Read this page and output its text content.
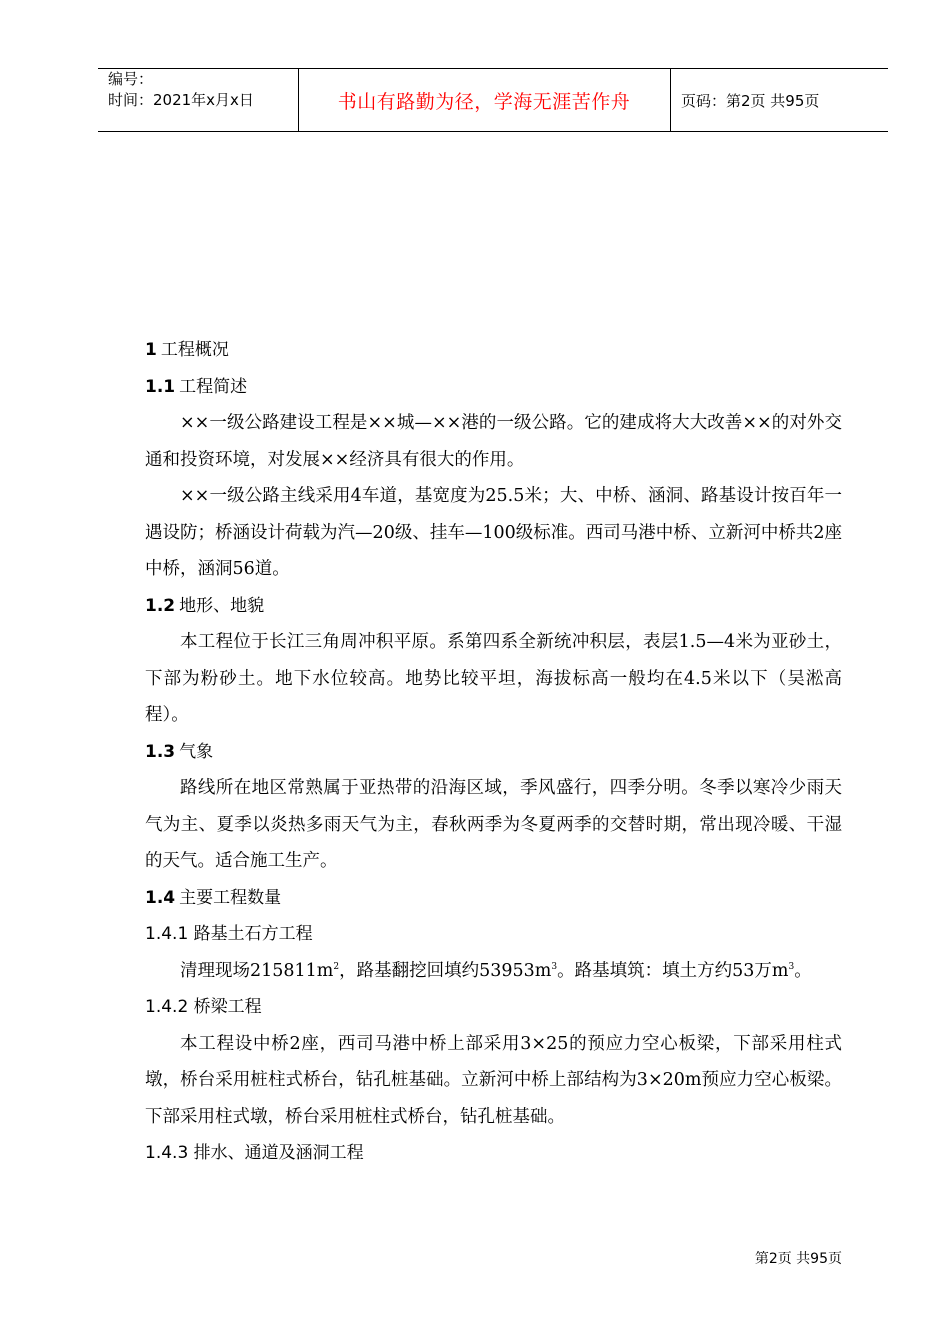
编号：
时间：2021年x月x日	书山有路勤为径，学海无涯苦作舟	页码：第2页 共95页
1 工程概况
1.1 工程简述

××一级公路建设工程是××城—××港的一级公路。它的建成将大大改善××的对外交通和投资环境，对发展××经济具有很大的作用。

××一级公路主线采用4车道，基宽度为25.5米；大、中桥、涵洞、路基设计按百年一遇设防；桥涵设计荷载为汽—20级、挂车—100级标准。西司马港中桥、立新河中桥共2座中桥，涵洞56道。

1.2 地形、地貌

本工程位于长江三角周冲积平原。系第四系全新统冲积层，表层1.5—4米为亚砂土，下部为粉砂土。地下水位较高。地势比较平坦，海拔标高一般均在4.5米以下（吴淞高程）。

1.3 气象

路线所在地区常熟属于亚热带的沿海区域，季风盛行，四季分明。冬季以寒冷少雨天气为主、夏季以炎热多雨天气为主，春秋两季为冬夏两季的交替时期，常出现冷暖、干湿的天气。适合施工生产。

1.4 主要工程数量
1.4.1 路基土石方工程

清理现场$215811m^2$，路基翻挖回填约$53953m^3$。路基填筑：填土方约53万$m^3$。

1.4.2 桥梁工程

本工程设中桥2座，西司马港中桥上部采用3×25的预应力空心板梁，下部采用柱式墩，桥台采用桩柱式桥台，钻孔桩基础。立新河中桥上部结构为3×20m预应力空心板梁。下部采用柱式墩，桥台采用桩柱式桥台，钻孔桩基础。

1.4.3 排水、通道及涵洞工程
第2页 共95页
